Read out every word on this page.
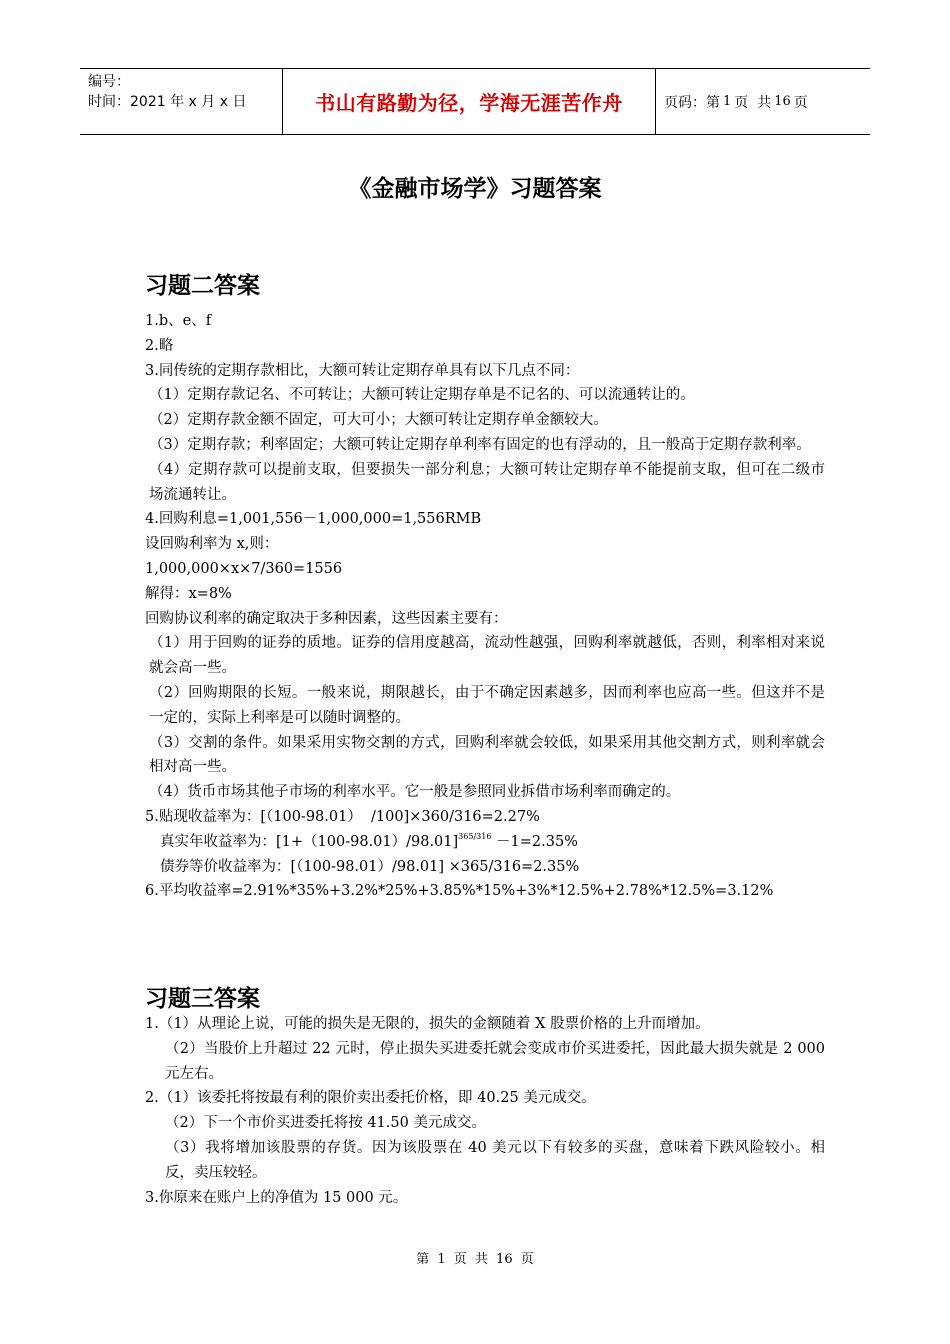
编号：
时间：2021 年 x 月 x 日	书山有路勤为径，学海无涯苦作舟	页码：第 1 页  共 16 页
《金融市场学》习题答案
习题二答案

1.b、e、f

2.略

3.同传统的定期存款相比，大额可转让定期存单具有以下几点不同：

（1）定期存款记名、不可转让；大额可转让定期存单是不记名的、可以流通转让的。

（2）定期存款金额不固定，可大可小；大额可转让定期存单金额较大。

（3）定期存款；利率固定；大额可转让定期存单利率有固定的也有浮动的，且一般高于定期存款利率。

（4）定期存款可以提前支取，但要损失一部分利息；大额可转让定期存单不能提前支取，但可在二级市场流通转让。

4.回购利息=1,001,556－1,000,000=1,556RMB

设回购利率为 x,则：

1,000,000×x×7/360=1556

解得：x=8%

回购协议利率的确定取决于多种因素，这些因素主要有：

（1）用于回购的证券的质地。证券的信用度越高，流动性越强，回购利率就越低，否则，利率相对来说就会高一些。

（2）回购期限的长短。一般来说，期限越长，由于不确定因素越多，因而利率也应高一些。但这并不是一定的，实际上利率是可以随时调整的。

（3）交割的条件。如果采用实物交割的方式，回购利率就会较低，如果采用其他交割方式，则利率就会相对高一些。

（4）货币市场其他子市场的利率水平。它一般是参照同业拆借市场利率而确定的。

5.贴现收益率为：[（100-98.01）  /100]×360/316=2.27%

真实年收益率为：$[1+(100-98.01)/98.01]^{365/316} -1=2.35\%$

债券等价收益率为：[（100-98.01）/98.01] ×365/316=2.35%

6.平均收益率=2.91%*35%+3.2%*25%+3.85%*15%+3%*12.5%+2.78%*12.5%=3.12%

习题三答案

1.（1）从理论上说，可能的损失是无限的，损失的金额随着 X 股票价格的上升而增加。

（2）当股价上升超过 22 元时，停止损失买进委托就会变成市价买进委托，因此最大损失就是 2 000 元左右。

2.（1）该委托将按最有利的限价卖出委托价格，即 40.25 美元成交。

（2）下一个市价买进委托将按 41.50 美元成交。

（3）我将增加该股票的存货。因为该股票在 40 美元以下有较多的买盘，意味着下跌风险较小。相反，卖压较轻。

3.你原来在账户上的净值为 15 000 元。

第 1 页 共 16 页
